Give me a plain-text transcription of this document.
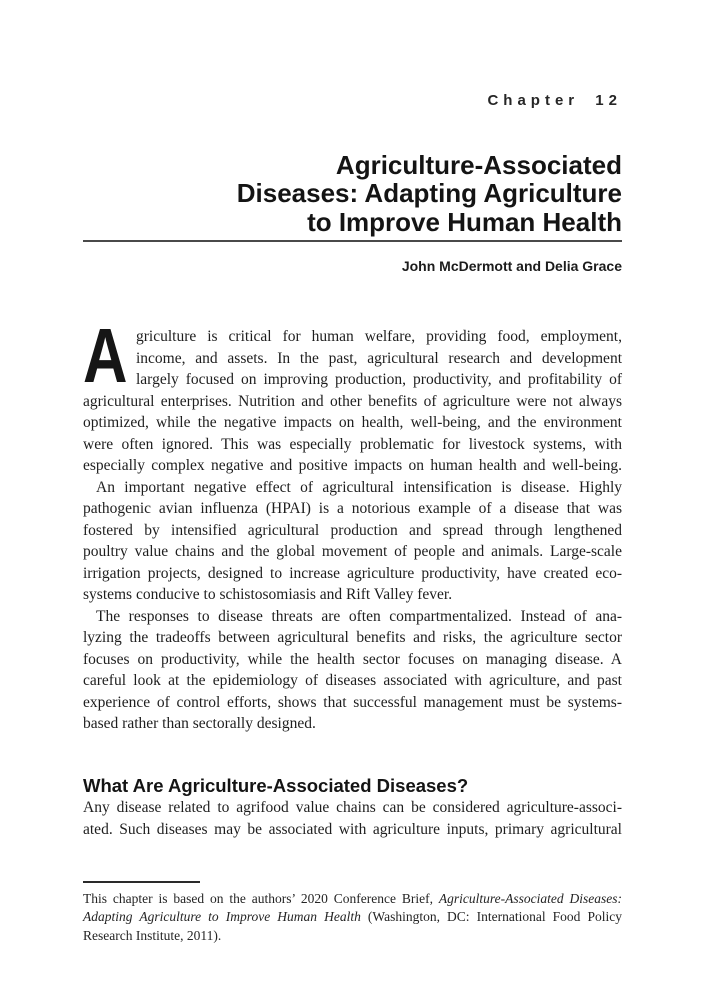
Chapter 12
Agriculture-Associated
Diseases: Adapting Agriculture
to Improve Human Health
John McDermott and Delia Grace
A griculture is critical for human welfare, providing food, employment,
income, and assets. In the past, agricultural research and development
largely focused on improving production, productivity, and profitability of
agricultural enterprises. Nutrition and other benefits of agriculture were not always
optimized, while the negative impacts on health, well-being, and the environment
were often ignored. This was especially problematic for livestock systems, with
especially complex negative and positive impacts on human health and well-being.
An important negative effect of agricultural intensification is disease. Highly
pathogenic avian influenza (HPAI) is a notorious example of a disease that was
fostered by intensified agricultural production and spread through lengthened
poultry value chains and the global movement of people and animals. Large-scale
irrigation projects, designed to increase agriculture productivity, have created eco-
systems conducive to schistosomiasis and Rift Valley fever.
The responses to disease threats are often compartmentalized. Instead of ana-
lyzing the tradeoffs between agricultural benefits and risks, the agriculture sector
focuses on productivity, while the health sector focuses on managing disease. A
careful look at the epidemiology of diseases associated with agriculture, and past
experience of control efforts, shows that successful management must be systems-
based rather than sectorally designed.
What Are Agriculture-Associated Diseases?
Any disease related to agrifood value chains can be considered agriculture-associ-
ated. Such diseases may be associated with agriculture inputs, primary agricultural
This chapter is based on the authors’ 2020 Conference Brief, Agriculture-Associated Diseases:
Adapting Agriculture to Improve Human Health (Washington, DC: International Food Policy
Research Institute, 2011).
